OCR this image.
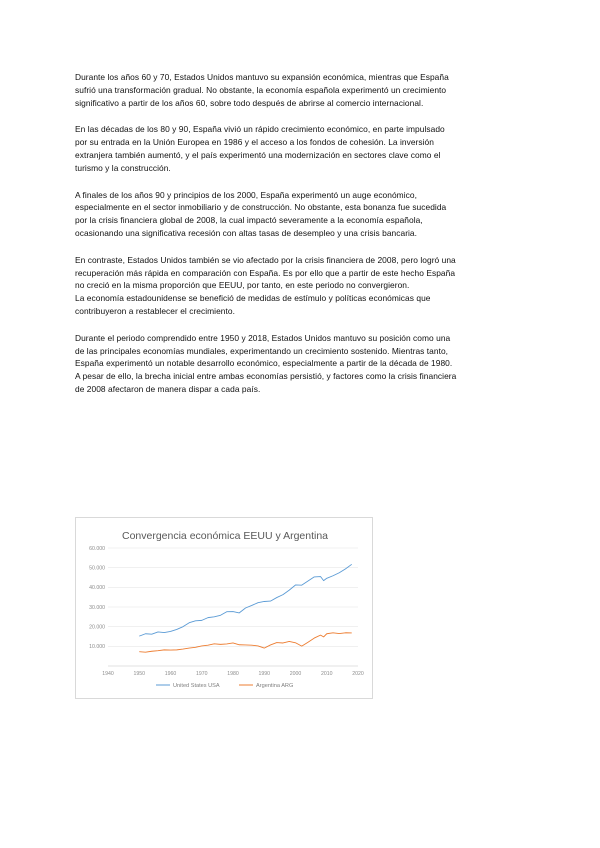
Durante los años 60 y 70, Estados Unidos mantuvo su expansión económica, mientras que España
sufrió una transformación gradual. No obstante, la economía española experimentó un crecimiento
significativo a partir de los años 60, sobre todo después de abrirse al comercio internacional.

En las décadas de los 80 y 90, España vivió un rápido crecimiento económico, en parte impulsado
por su entrada en la Unión Europea en 1986 y el acceso a los fondos de cohesión. La inversión
extranjera también aumentó, y el país experimentó una modernización en sectores clave como el
turismo y la construcción.

A finales de los años 90 y principios de los 2000, España experimentó un auge económico,
especialmente en el sector inmobiliario y de construcción. No obstante, esta bonanza fue sucedida
por la crisis financiera global de 2008, la cual impactó severamente a la economía española,
ocasionando una significativa recesión con altas tasas de desempleo y una crisis bancaria.

En contraste, Estados Unidos también se vio afectado por la crisis financiera de 2008, pero logró una
recuperación más rápida en comparación con España. Es por ello que a partir de este hecho España
no creció en la misma proporción que EEUU, por tanto, en este periodo no convergieron.
La economía estadounidense se benefició de medidas de estímulo y políticas económicas que
contribuyeron a restablecer el crecimiento.

Durante el periodo comprendido entre 1950 y 2018, Estados Unidos mantuvo su posición como una
de las principales economías mundiales, experimentando un crecimiento sostenido. Mientras tanto,
España experimentó un notable desarrollo económico, especialmente a partir de la década de 1980.
A pesar de ello, la brecha inicial entre ambas economías persistió, y factores como la crisis financiera
de 2008 afectaron de manera dispar a cada país.

Convergencia económica EEUU y Argentina
10.000
20.000
30.000
40.000
50.000
60.000
1940	1950	1960	1970	1980	1990	2000	2010	2020
United States USA	Argentina ARG
